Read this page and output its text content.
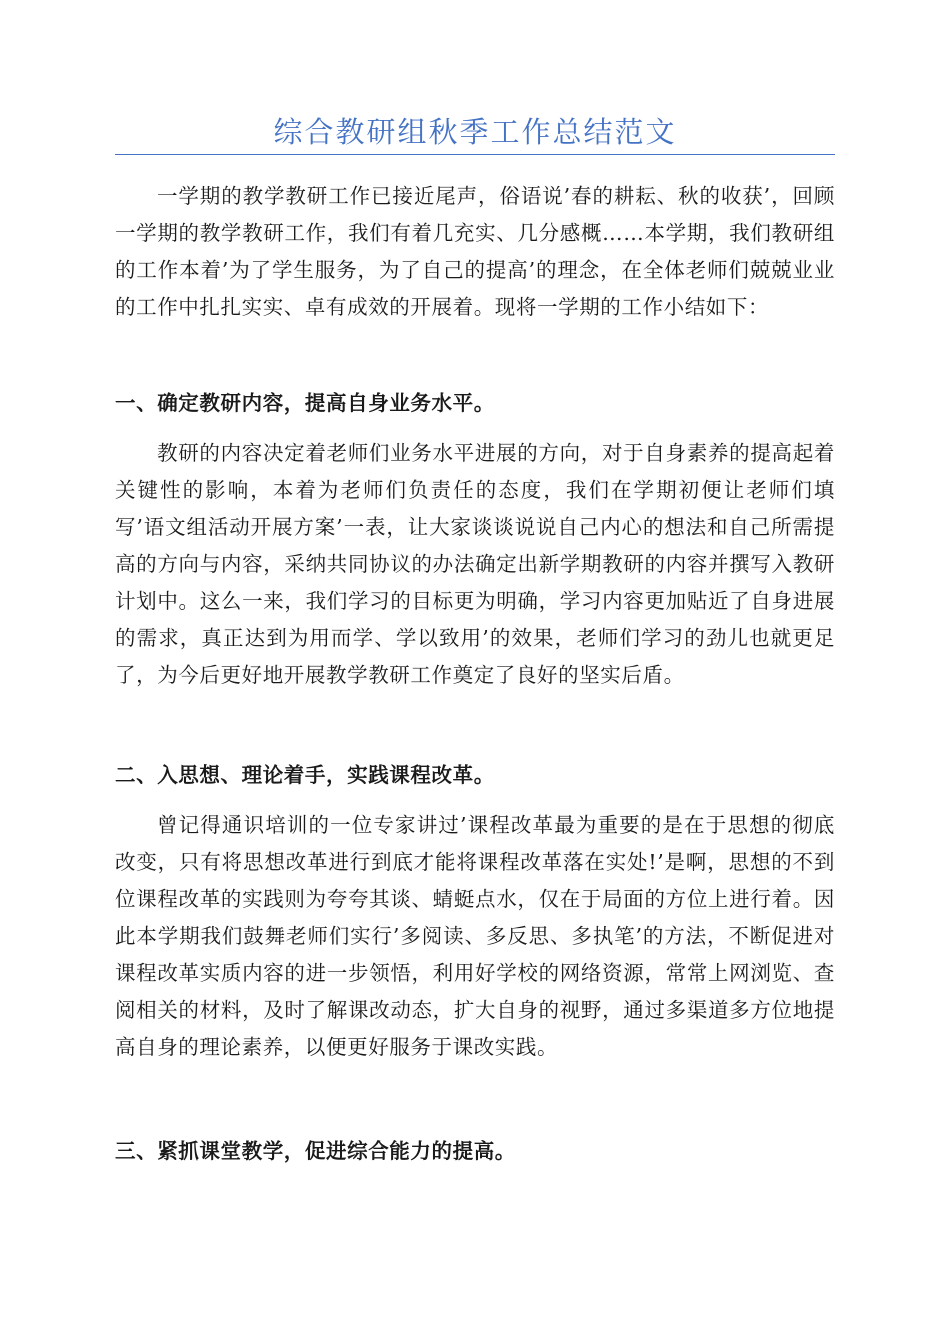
综合教研组秋季工作总结范文

一学期的教学教研工作已接近尾声，俗语说’春的耕耘、秋的收获’，回顾一学期的教学教研工作，我们有着几充实、几分感概……本学期，我们教研组的工作本着’为了学生服务，为了自己的提高’的理念，在全体老师们兢兢业业的工作中扎扎实实、卓有成效的开展着。现将一学期的工作小结如下：

一、确定教研内容，提高自身业务水平。

教研的内容决定着老师们业务水平进展的方向，对于自身素养的提高起着关键性的影响，本着为老师们负责任的态度，我们在学期初便让老师们填写’语文组活动开展方案’一表，让大家谈谈说说自己内心的想法和自己所需提高的方向与内容，采纳共同协议的办法确定出新学期教研的内容并撰写入教研计划中。这么一来，我们学习的目标更为明确，学习内容更加贴近了自身进展的需求，真正达到为用而学、学以致用’的效果，老师们学习的劲儿也就更足了，为今后更好地开展教学教研工作奠定了良好的坚实后盾。

二、入思想、理论着手，实践课程改革。

曾记得通识培训的一位专家讲过’课程改革最为重要的是在于思想的彻底改变，只有将思想改革进行到底才能将课程改革落在实处!’是啊，思想的不到位课程改革的实践则为夸夸其谈、蜻蜓点水，仅在于局面的方位上进行着。因此本学期我们鼓舞老师们实行’多阅读、多反思、多执笔’的方法，不断促进对课程改革实质内容的进一步领悟，利用好学校的网络资源，常常上网浏览、查阅相关的材料，及时了解课改动态，扩大自身的视野，通过多渠道多方位地提高自身的理论素养，以便更好服务于课改实践。

三、紧抓课堂教学，促进综合能力的提高。
